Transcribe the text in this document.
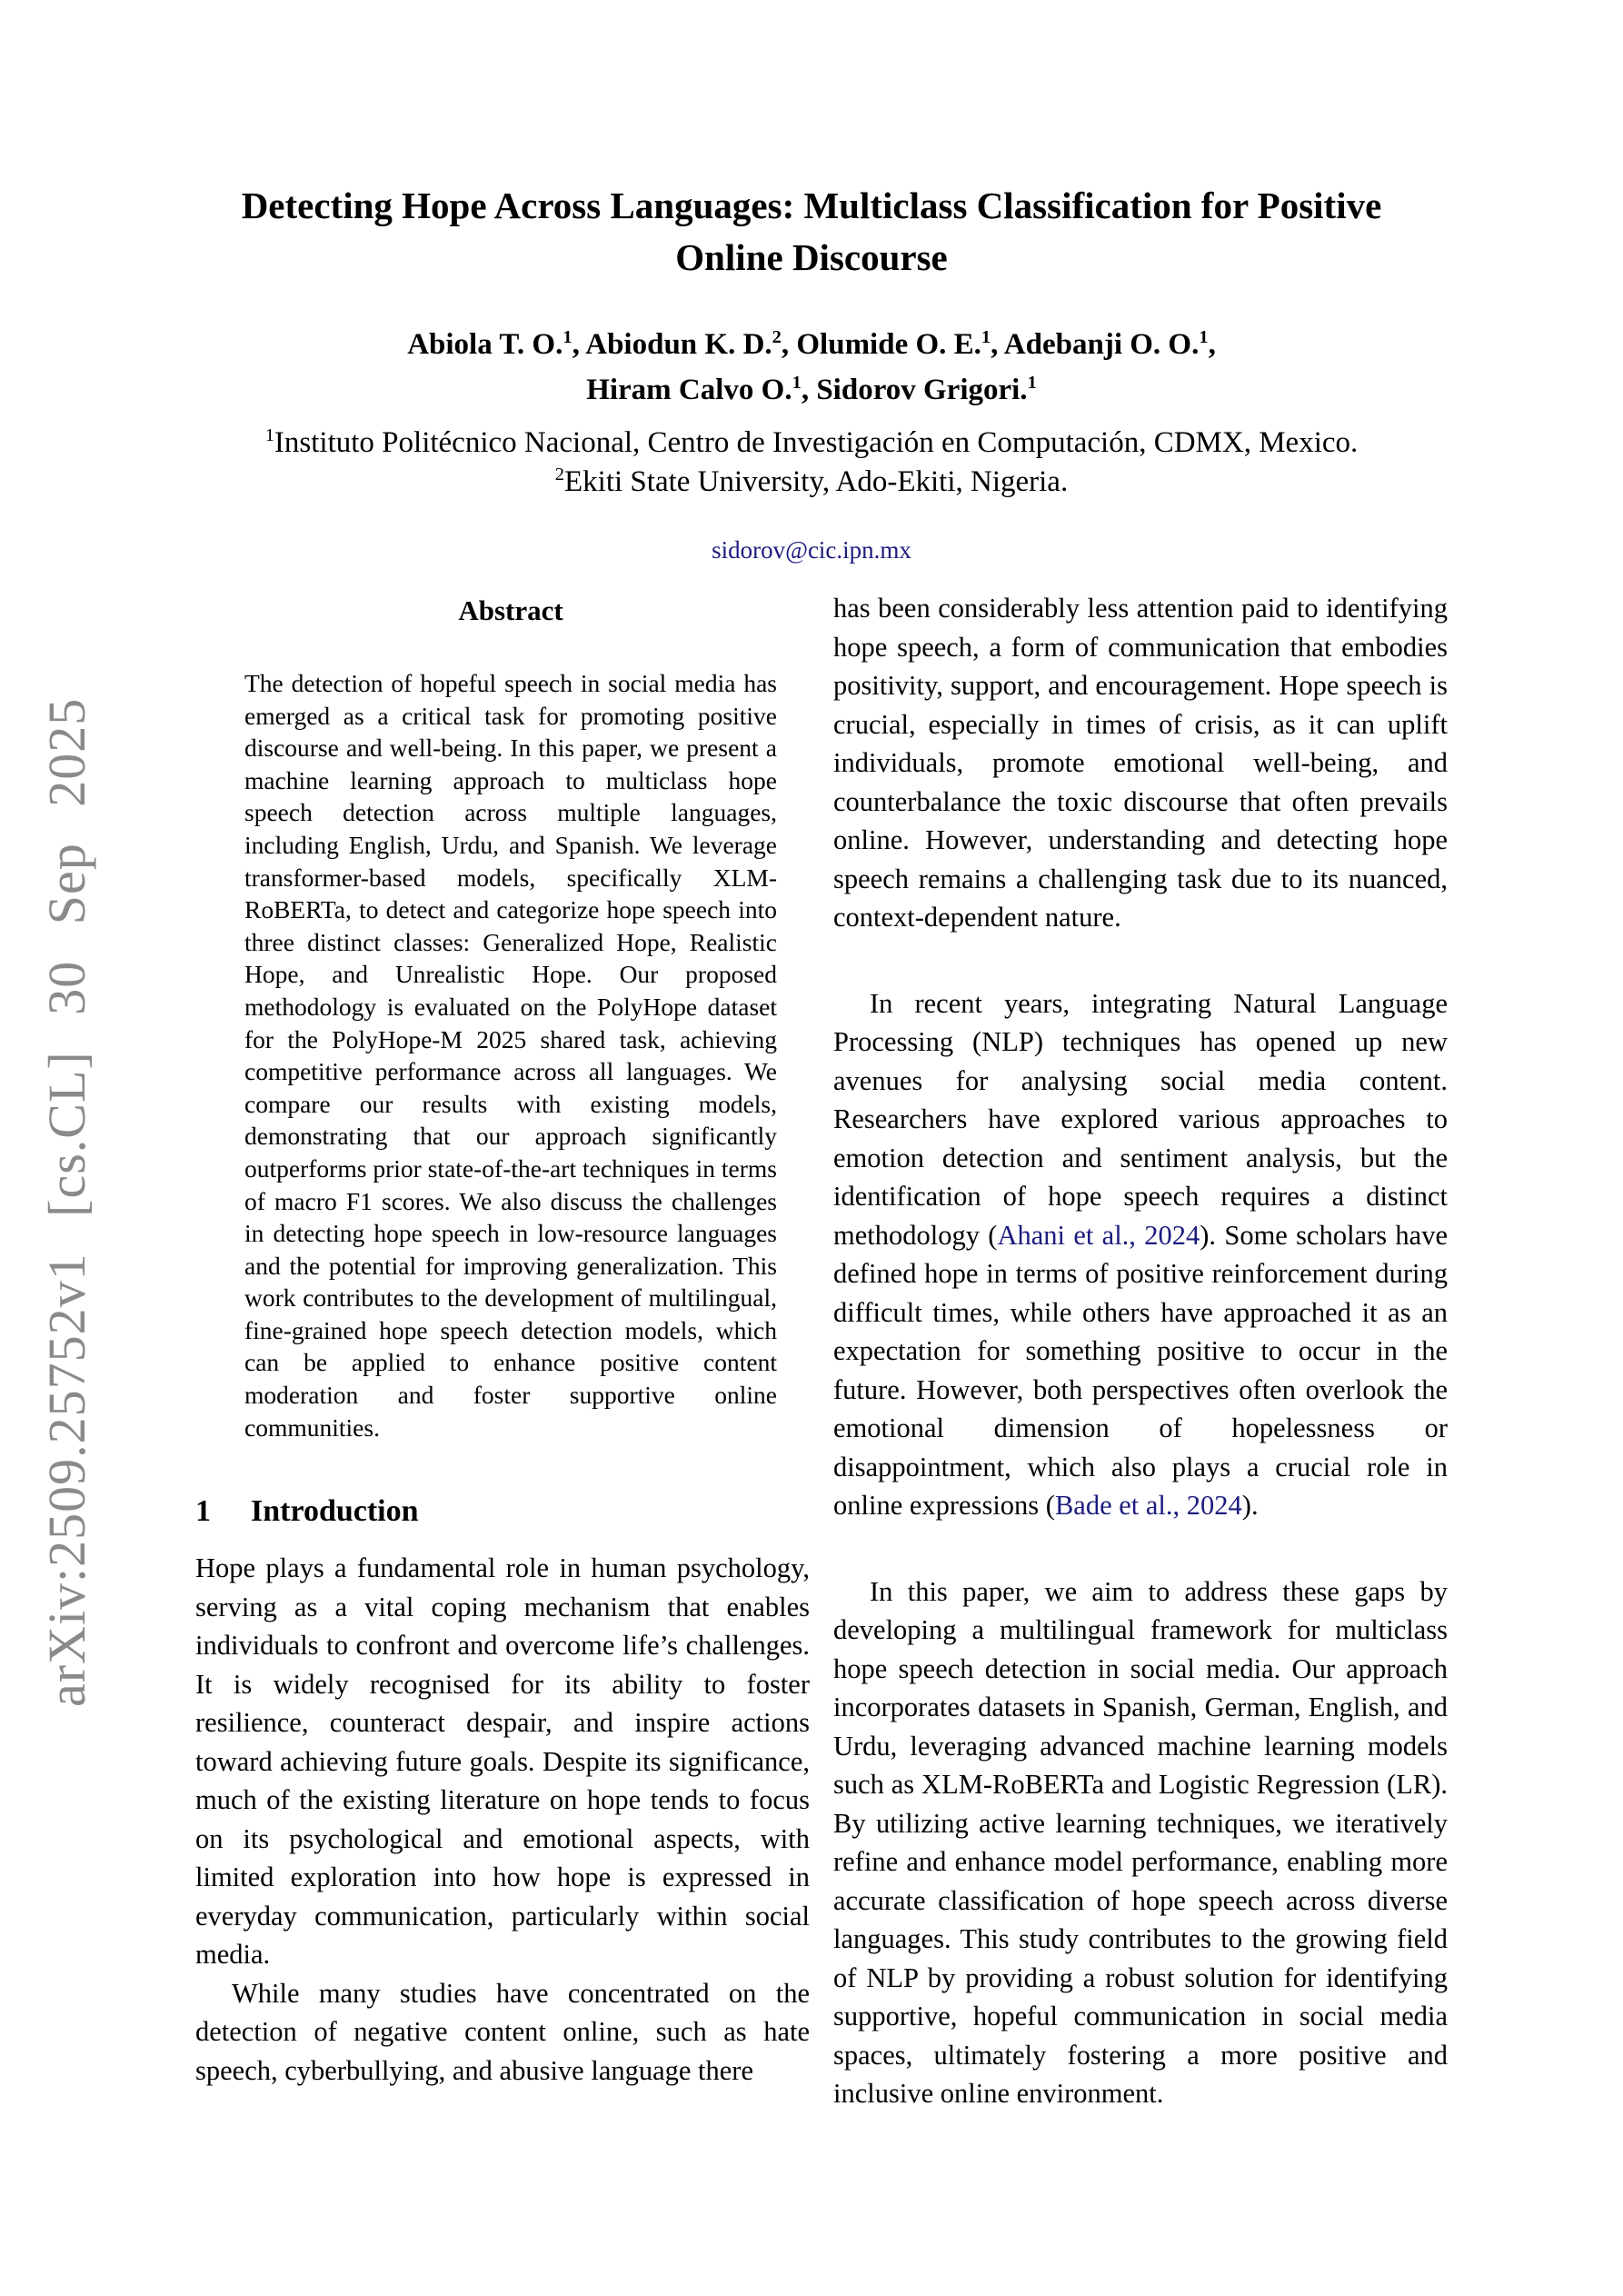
arXiv:2509.25752v1 [cs.CL] 30 Sep 2025
Detecting Hope Across Languages: Multiclass Classification for Positive
Online Discourse
Abiola T. O.$^1$, Abiodun K. D.$^2$, Olumide O. E.$^1$, Adebanji O. O.$^1$,
Hiram Calvo O.$^1$, Sidorov Grigori.$^1$
$^1$Instituto Politécnico Nacional, Centro de Investigación en Computación, CDMX, Mexico.
$^2$Ekiti State University, Ado-Ekiti, Nigeria.
sidorov@cic.ipn.mx
Abstract

The detection of hopeful speech in social media has emerged as a critical task for promoting positive discourse and well-being. In this paper, we present a machine learning approach to multiclass hope speech detection across multiple languages, including English, Urdu, and Spanish. We leverage transformer-based models, specifically XLM-RoBERTa, to detect and categorize hope speech into three distinct classes: Generalized Hope, Realistic Hope, and Unrealistic Hope. Our proposed methodology is evaluated on the PolyHope dataset for the PolyHope-M 2025 shared task, achieving competitive performance across all languages. We compare our results with existing models, demonstrating that our approach significantly outperforms prior state-of-the-art techniques in terms of macro F1 scores. We also discuss the challenges in detecting hope speech in low-resource languages and the potential for improving generalization. This work contributes to the development of multilingual, fine-grained hope speech detection models, which can be applied to enhance positive content moderation and foster supportive online communities.

1 Introduction

Hope plays a fundamental role in human psychology, serving as a vital coping mechanism that enables individuals to confront and overcome life’s challenges. It is widely recognised for its ability to foster resilience, counteract despair, and inspire actions toward achieving future goals. Despite its significance, much of the existing literature on hope tends to focus on its psychological and emotional aspects, with limited exploration into how hope is expressed in everyday communication, particularly within social media.

While many studies have concentrated on the detection of negative content online, such as hate speech, cyberbullying, and abusive language there

has been considerably less attention paid to identifying hope speech, a form of communication that embodies positivity, support, and encouragement. Hope speech is crucial, especially in times of crisis, as it can uplift individuals, promote emotional well-being, and counterbalance the toxic discourse that often prevails online. However, understanding and detecting hope speech remains a challenging task due to its nuanced, context-dependent nature.

In recent years, integrating Natural Language Processing (NLP) techniques has opened up new avenues for analysing social media content. Researchers have explored various approaches to emotion detection and sentiment analysis, but the identification of hope speech requires a distinct methodology (Ahani et al., 2024). Some scholars have defined hope in terms of positive reinforcement during difficult times, while others have approached it as an expectation for something positive to occur in the future. However, both perspectives often overlook the emotional dimension of hopelessness or disappointment, which also plays a crucial role in online expressions (Bade et al., 2024).

In this paper, we aim to address these gaps by developing a multilingual framework for multiclass hope speech detection in social media. Our approach incorporates datasets in Spanish, German, English, and Urdu, leveraging advanced machine learning models such as XLM-RoBERTa and Logistic Regression (LR). By utilizing active learning techniques, we iteratively refine and enhance model performance, enabling more accurate classification of hope speech across diverse languages. This study contributes to the growing field of NLP by providing a robust solution for identifying supportive, hopeful communication in social media spaces, ultimately fostering a more positive and inclusive online environment.
